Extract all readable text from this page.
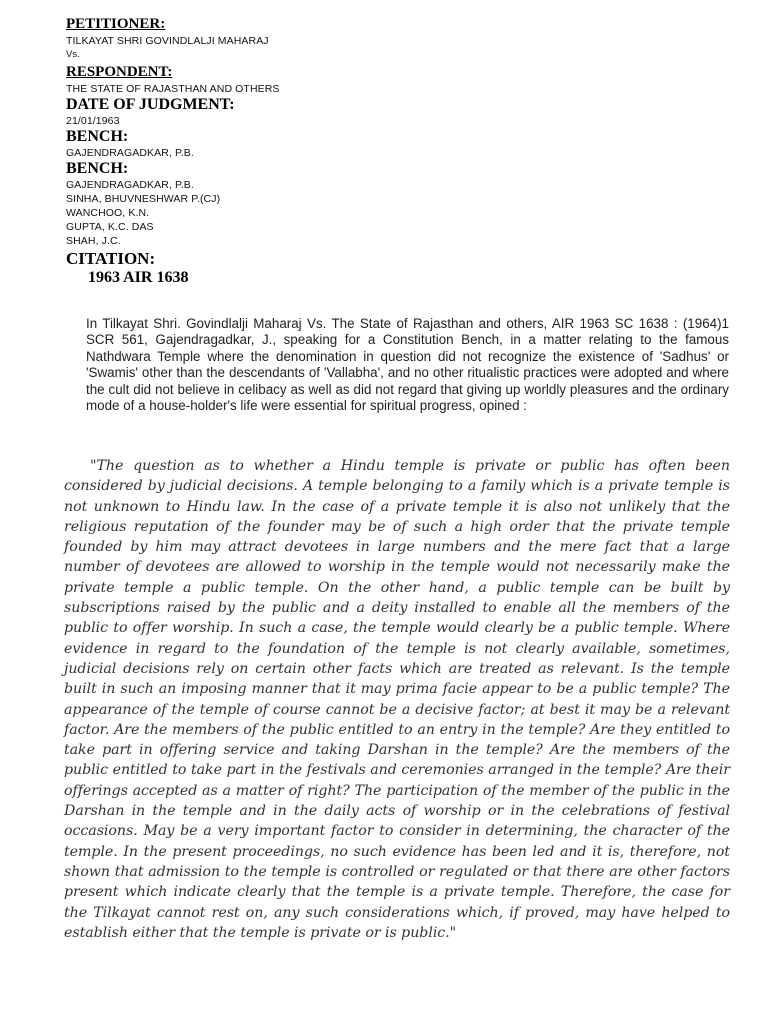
PETITIONER:
TILKAYAT SHRI GOVINDLALJI MAHARAJ
Vs.
RESPONDENT:
THE STATE OF RAJASTHAN AND OTHERS
DATE OF JUDGMENT:
21/01/1963
BENCH:
GAJENDRAGADKAR, P.B.
BENCH:
GAJENDRAGADKAR, P.B.
SINHA, BHUVNESHWAR P.(CJ)
WANCHOO, K.N.
GUPTA, K.C. DAS
SHAH, J.C.
CITATION:
1963 AIR 1638

In Tilkayat Shri. Govindlalji Maharaj Vs. The State of Rajasthan and others, AIR 1963 SC 1638 : (1964)1 SCR 561, Gajendragadkar, J., speaking for a Constitution Bench, in a matter relating to the famous Nathdwara Temple where the denomination in question did not recognize the existence of 'Sadhus' or 'Swamis' other than the descendants of 'Vallabha', and no other ritualistic practices were adopted and where the cult did not believe in celibacy as well as did not regard that giving up worldly pleasures and the ordinary mode of a house-holder's life were essential for spiritual progress, opined :

"The question as to whether a Hindu temple is private or public has often been considered by judicial decisions. A temple belonging to a family which is a private temple is not unknown to Hindu law. In the case of a private temple it is also not unlikely that the religious reputation of the founder may be of such a high order that the private temple founded by him may attract devotees in large numbers and the mere fact that a large number of devotees are allowed to worship in the temple would not necessarily make the private temple a public temple. On the other hand, a public temple can be built by subscriptions raised by the public and a deity installed to enable all the members of the public to offer worship. In such a case, the temple would clearly be a public temple. Where evidence in regard to the foundation of the temple is not clearly available, sometimes, judicial decisions rely on certain other facts which are treated as relevant. Is the temple built in such an imposing manner that it may prima facie appear to be a public temple? The appearance of the temple of course cannot be a decisive factor; at best it may be a relevant factor. Are the members of the public entitled to an entry in the temple? Are they entitled to take part in offering service and taking Darshan in the temple? Are the members of the public entitled to take part in the festivals and ceremonies arranged in the temple? Are their offerings accepted as a matter of right? The participation of the member of the public in the Darshan in the temple and in the daily acts of worship or in the celebrations of festival occasions. May be a very important factor to consider in determining, the character of the temple. In the present proceedings, no such evidence has been led and it is, therefore, not shown that admission to the temple is controlled or regulated or that there are other factors present which indicate clearly that the temple is a private temple. Therefore, the case for the Tilkayat cannot rest on, any such considerations which, if proved, may have helped to establish either that the temple is private or is public."
